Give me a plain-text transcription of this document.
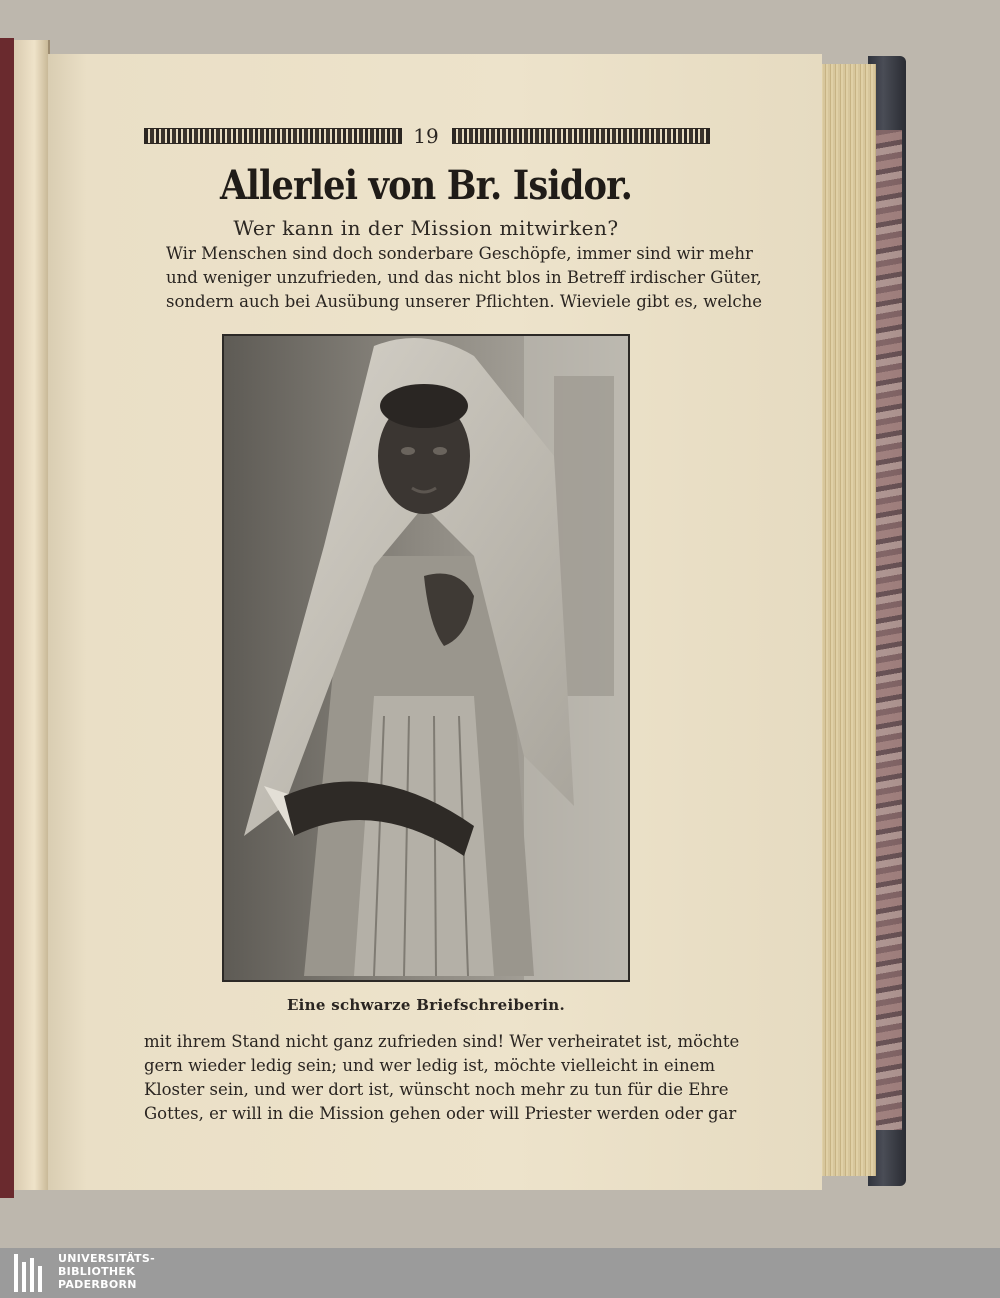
19
Allerlei von Br. Isidor.
Wer kann in der Mission mitwirken?
Wir Menschen sind doch sonderbare Geschöpfe, immer sind wir mehr
und weniger unzufrieden, und das nicht blos in Betreff irdischer Güter,
sondern auch bei Ausübung unserer Pflichten. Wieviele gibt es, welche
Eine schwarze Briefschreiberin.
mit ihrem Stand nicht ganz zufrieden sind! Wer verheiratet ist, möchte
gern wieder ledig sein; und wer ledig ist, möchte vielleicht in einem
Kloster sein, und wer dort ist, wünscht noch mehr zu tun für die Ehre
Gottes, er will in die Mission gehen oder will Priester werden oder gar
UNIVERSITÄTS-
BIBLIOTHEK
PADERBORN
